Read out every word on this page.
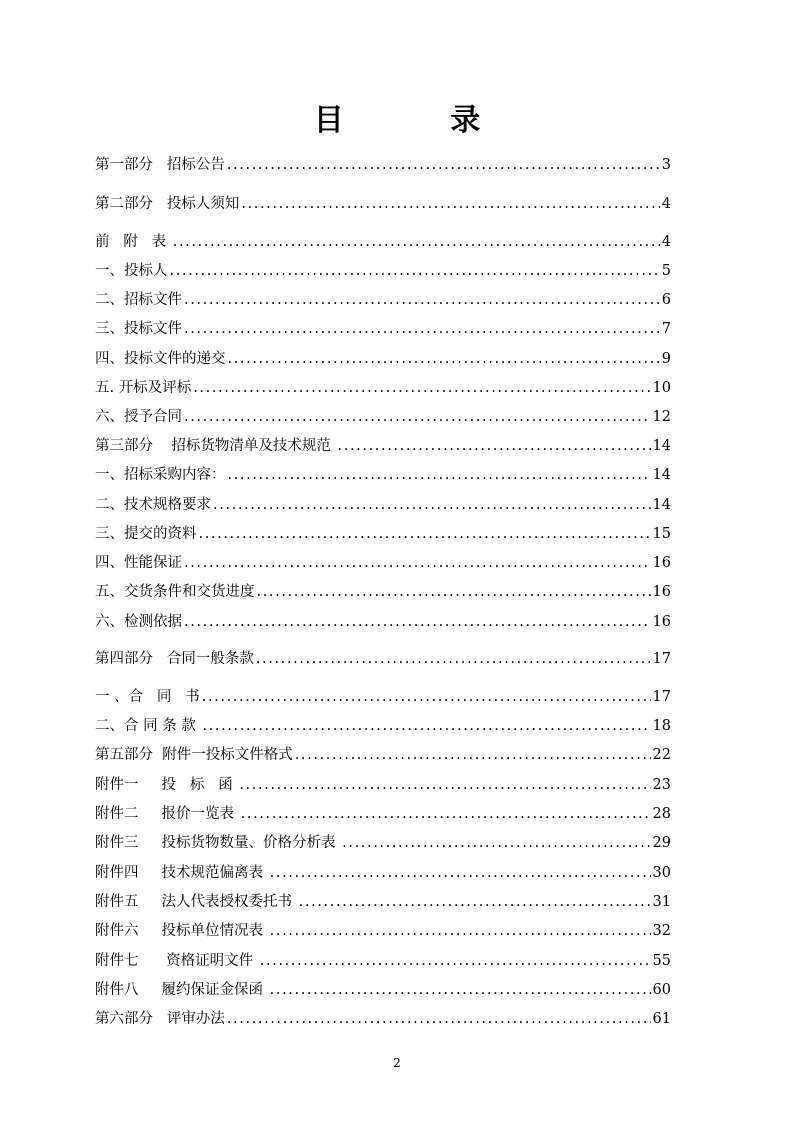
目 录
第一部分   招标公告 .....	3
第二部分   投标人须知 .....	4
前   附   表 .....	4
一、投标人 .....	5
二、招标文件 .....	6
三、投标文件 .....	7
四、投标文件的递交 .....	9
五. 开标及评标 .....	10
六、授予合同 .....	12
第三部分    招标货物清单及技术规范 .....	14
一、招标采购内容： .....	14
二、技术规格要求 .....	14
三、提交的资料 .....	15
四、性能保证 .....	16
五、交货条件和交货进度 .....	16
六、检测依据 .....	16
第四部分   合同一般条款 .....	17
一 、合   同   书 .....	17
二、合 同 条 款 .....	18
第五部分  附件一投标文件格式 .....	22
附件一     投   标   函 .....	23
附件二     报价一览表 .....	28
附件三     投标货物数量、价格分析表 .....	29
附件四     技术规范偏离表 .....	30
附件五     法人代表授权委托书 .....	31
附件六     投标单位情况表 .....	32
附件七      资格证明文件 .....	55
附件八     履约保证金保函 .....	60
第六部分   评审办法 .....	61
2
